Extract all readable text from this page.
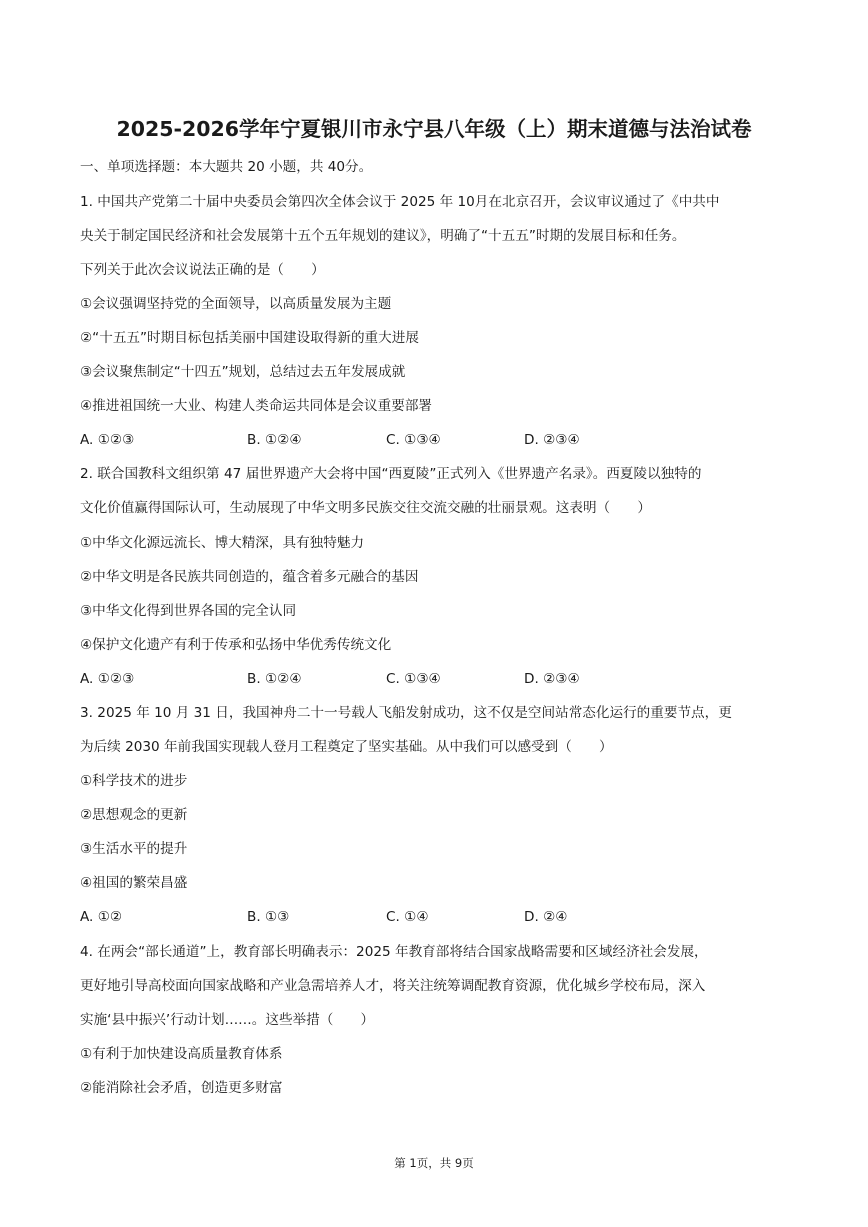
2025-2026学年宁夏银川市永宁县八年级（上）期末道德与法治试卷
一、单项选择题：本大题共 20 小题，共 40分。
1. 中国共产党第二十届中央委员会第四次全体会议于 2025 年 10月在北京召开，会议审议通过了《中共中
央关于制定国民经济和社会发展第十五个五年规划的建议》，明确了“十五五”时期的发展目标和任务。
下列关于此次会议说法正确的是（　　）
①会议强调坚持党的全面领导，以高质量发展为主题
②“十五五”时期目标包括美丽中国建设取得新的重大进展
③会议聚焦制定“十四五”规划，总结过去五年发展成就
④推进祖国统一大业、构建人类命运共同体是会议重要部署
A. ①②③	B. ①②④	C. ①③④	D. ②③④
2. 联合国教科文组织第 47 届世界遗产大会将中国“西夏陵”正式列入《世界遗产名录》。西夏陵以独特的
文化价值赢得国际认可，生动展现了中华文明多民族交往交流交融的壮丽景观。这表明（　　）
①中华文化源远流长、博大精深，具有独特魅力
②中华文明是各民族共同创造的，蕴含着多元融合的基因
③中华文化得到世界各国的完全认同
④保护文化遗产有利于传承和弘扬中华优秀传统文化
A. ①②③	B. ①②④	C. ①③④	D. ②③④
3. 2025 年 10 月 31 日，我国神舟二十一号载人飞船发射成功，这不仅是空间站常态化运行的重要节点，更
为后续 2030 年前我国实现载人登月工程奠定了坚实基础。从中我们可以感受到（　　）
①科学技术的进步
②思想观念的更新
③生活水平的提升
④祖国的繁荣昌盛
A. ①②	B. ①③	C. ①④	D. ②④
4. 在两会“部长通道”上，教育部长明确表示：2025 年教育部将结合国家战略需要和区域经济社会发展，
更好地引导高校面向国家战略和产业急需培养人才，将关注统筹调配教育资源，优化城乡学校布局，深入
实施‘县中振兴’行动计划……。这些举措（　　）
①有利于加快建设高质量教育体系
②能消除社会矛盾，创造更多财富
第 1页，共 9页
